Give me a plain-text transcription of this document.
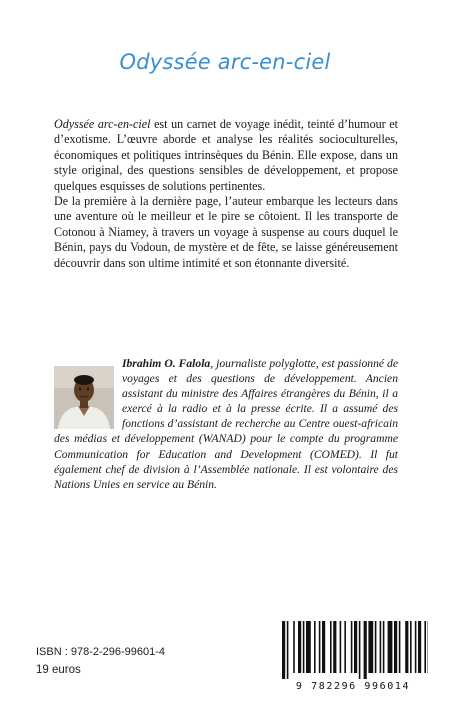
Odyssée arc-en-ciel

Odyssée arc-en-ciel est un carnet de voyage inédit, teinté d’humour et d’exotisme. L’œuvre aborde et analyse les réalités socioculturelles, économiques et politiques intrinsèques du Bénin. Elle expose, dans un style original, des questions sensibles de développement, et propose quelques esquisses de solutions pertinentes.

De la première à la dernière page, l’auteur embarque les lecteurs dans une aventure où le meilleur et le pire se côtoient. Il les transporte de Cotonou à Niamey, à travers un voyage à suspense au cours duquel le Bénin, pays du Vodoun, de mystère et de fête, se laisse généreusement découvrir dans son ultime intimité et son étonnante diversité.

Ibrahim O. Falola, journaliste polyglotte, est passionné de voyages et des questions de développement. Ancien assistant du ministre des Affaires étrangères du Bénin, il a exercé à la radio et à la presse écrite. Il a assumé des fonctions d’assistant de recherche au Centre ouest-africain des médias et développement (WANAD) pour le compte du programme Communication for Education and Development (COMED). Il fut également chef de division à l’Assemblée nationale. Il est volontaire des Nations Unies en service au Bénin.
ISBN : 978-2-296-99601-4
19 euros
9 782296 996014
